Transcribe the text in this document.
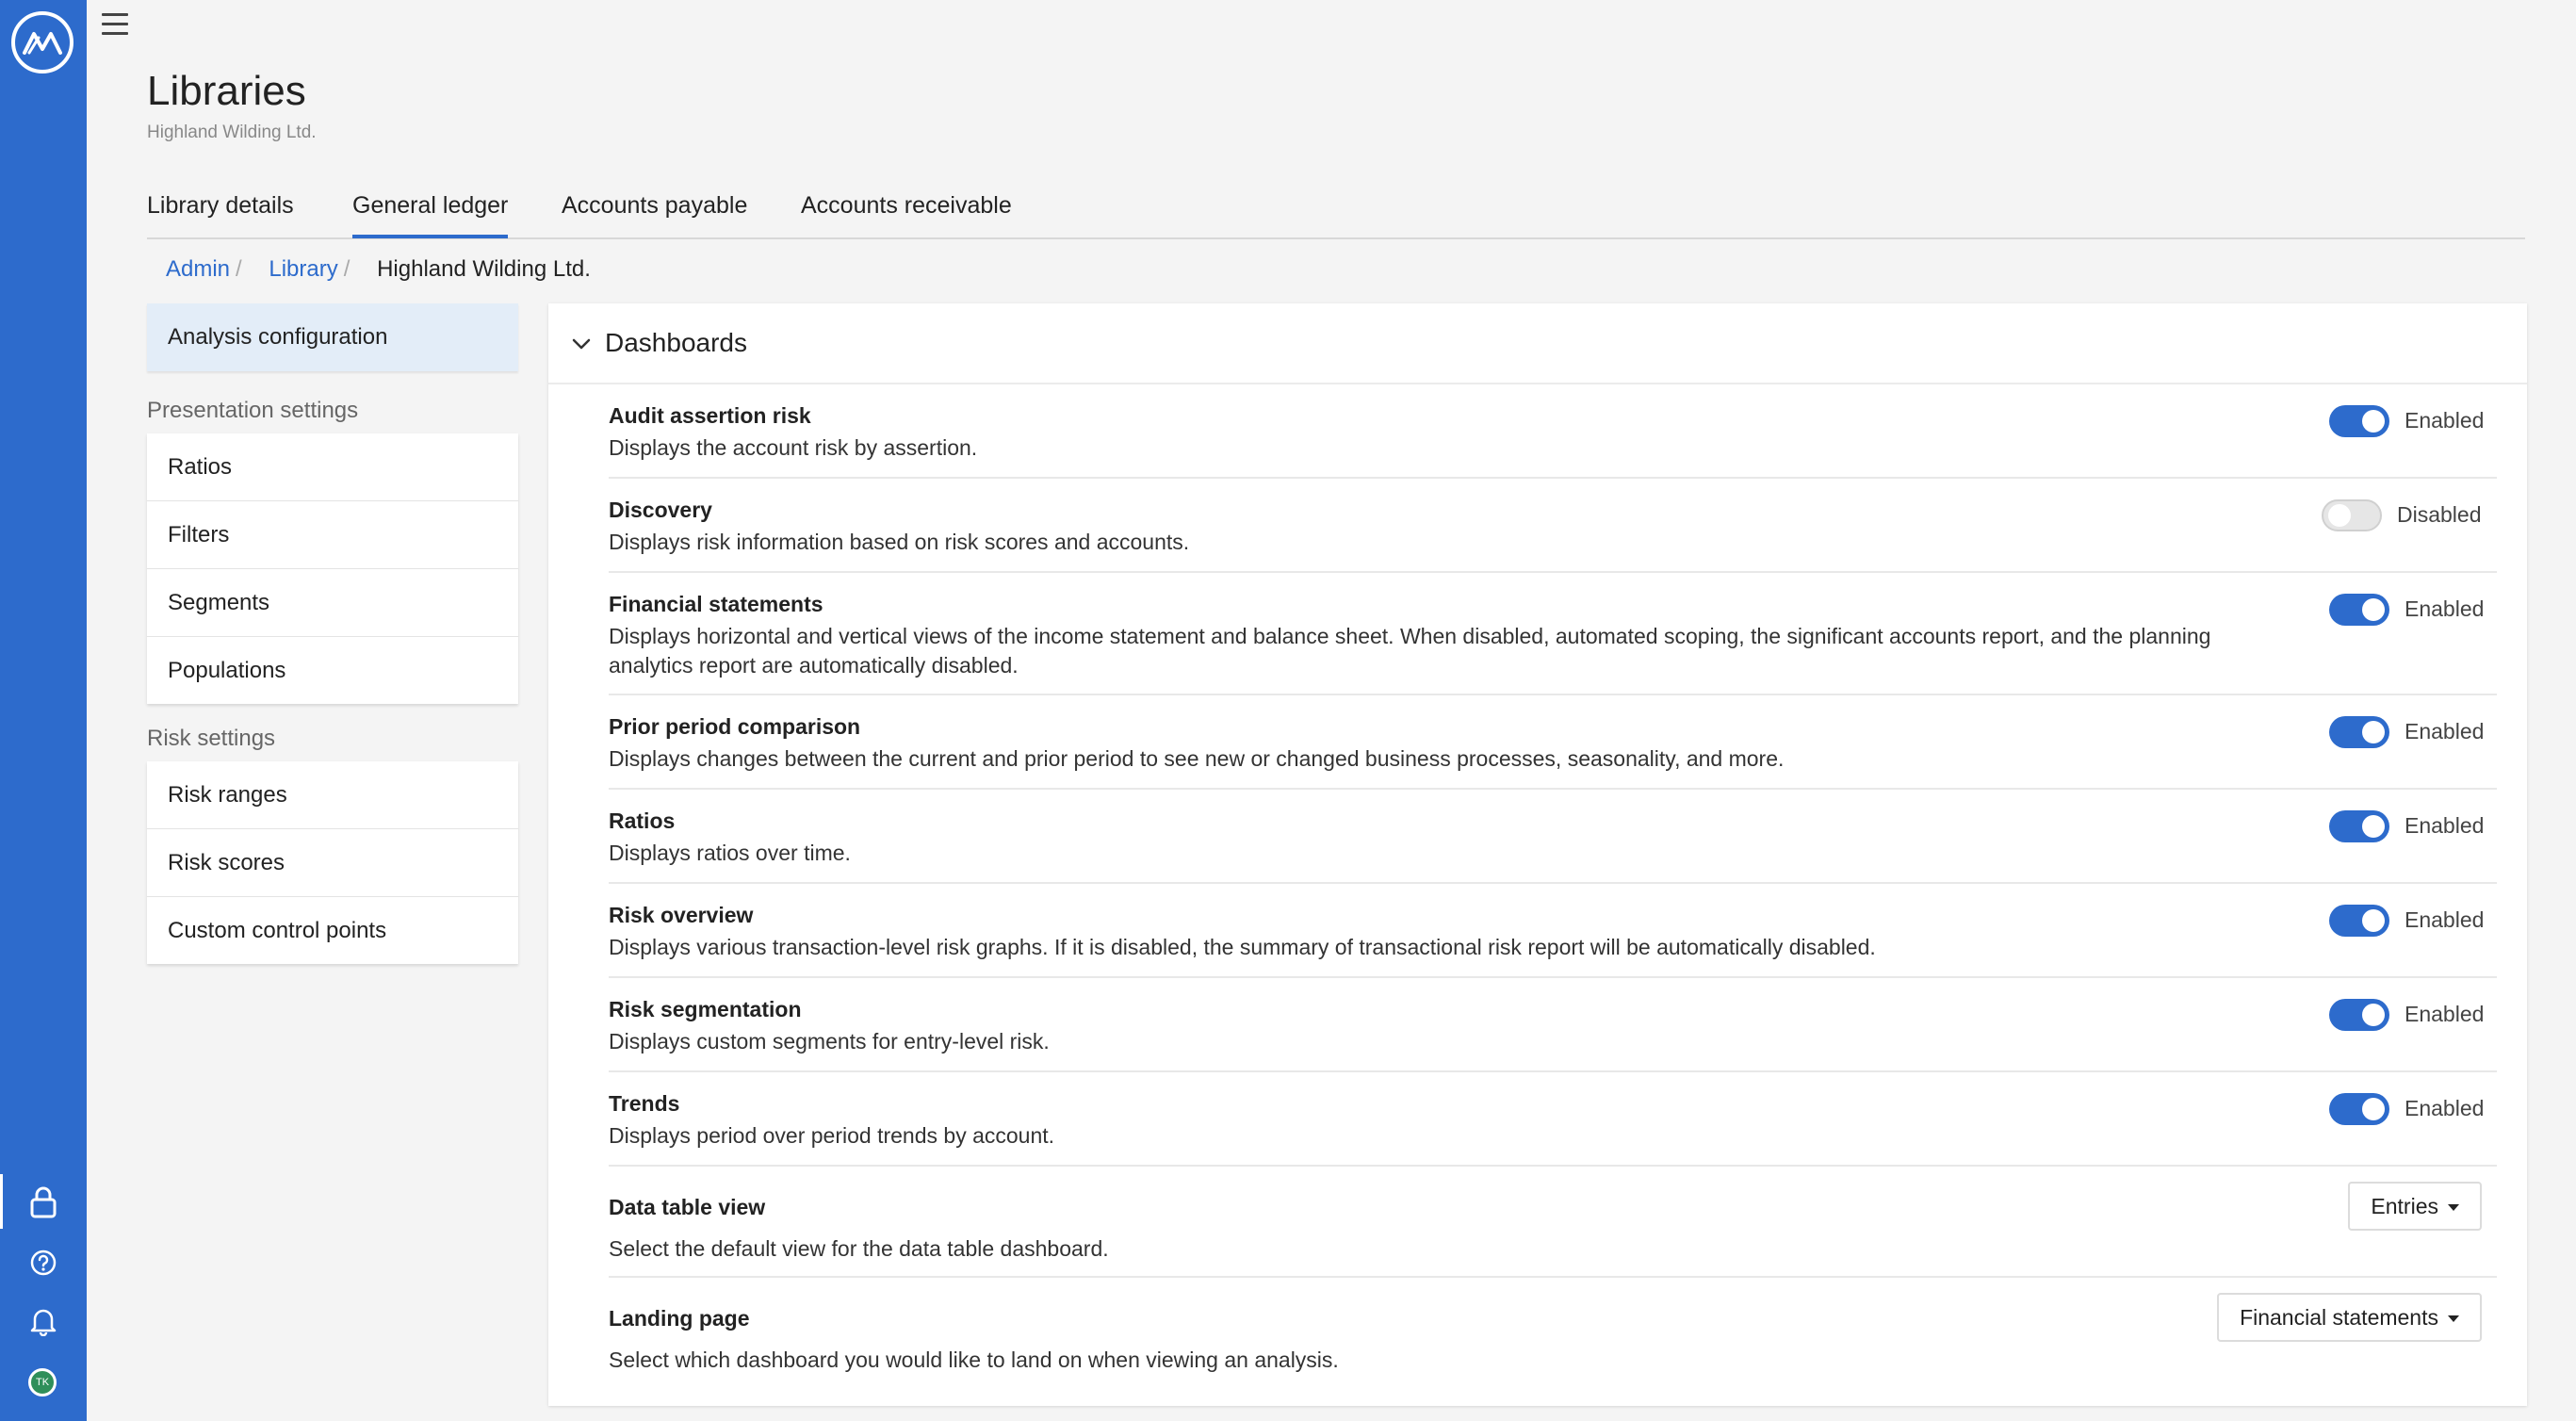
TK
Libraries
Highland Wilding Ltd.
Library details General ledger Accounts payable Accounts receivable
Admin / Library / Highland Wilding Ltd.
Analysis configuration
Presentation settings
Ratios
Filters
Segments
Populations
Risk settings
Risk ranges
Risk scores
Custom control points
Dashboards
Audit assertion risk
Displays the account risk by assertion.
Enabled
Discovery
Displays risk information based on risk scores and accounts.
Disabled
Financial statements
Displays horizontal and vertical views of the income statement and balance sheet. When disabled, automated scoping, the significant accounts report, and the planning analytics report are automatically disabled.
Enabled
Prior period comparison
Displays changes between the current and prior period to see new or changed business processes, seasonality, and more.
Enabled
Ratios
Displays ratios over time.
Enabled
Risk overview
Displays various transaction-level risk graphs. If it is disabled, the summary of transactional risk report will be automatically disabled.
Enabled
Risk segmentation
Displays custom segments for entry-level risk.
Enabled
Trends
Displays period over period trends by account.
Enabled
Data table view
Select the default view for the data table dashboard.
Entries
Landing page
Select which dashboard you would like to land on when viewing an analysis.
Financial statements
